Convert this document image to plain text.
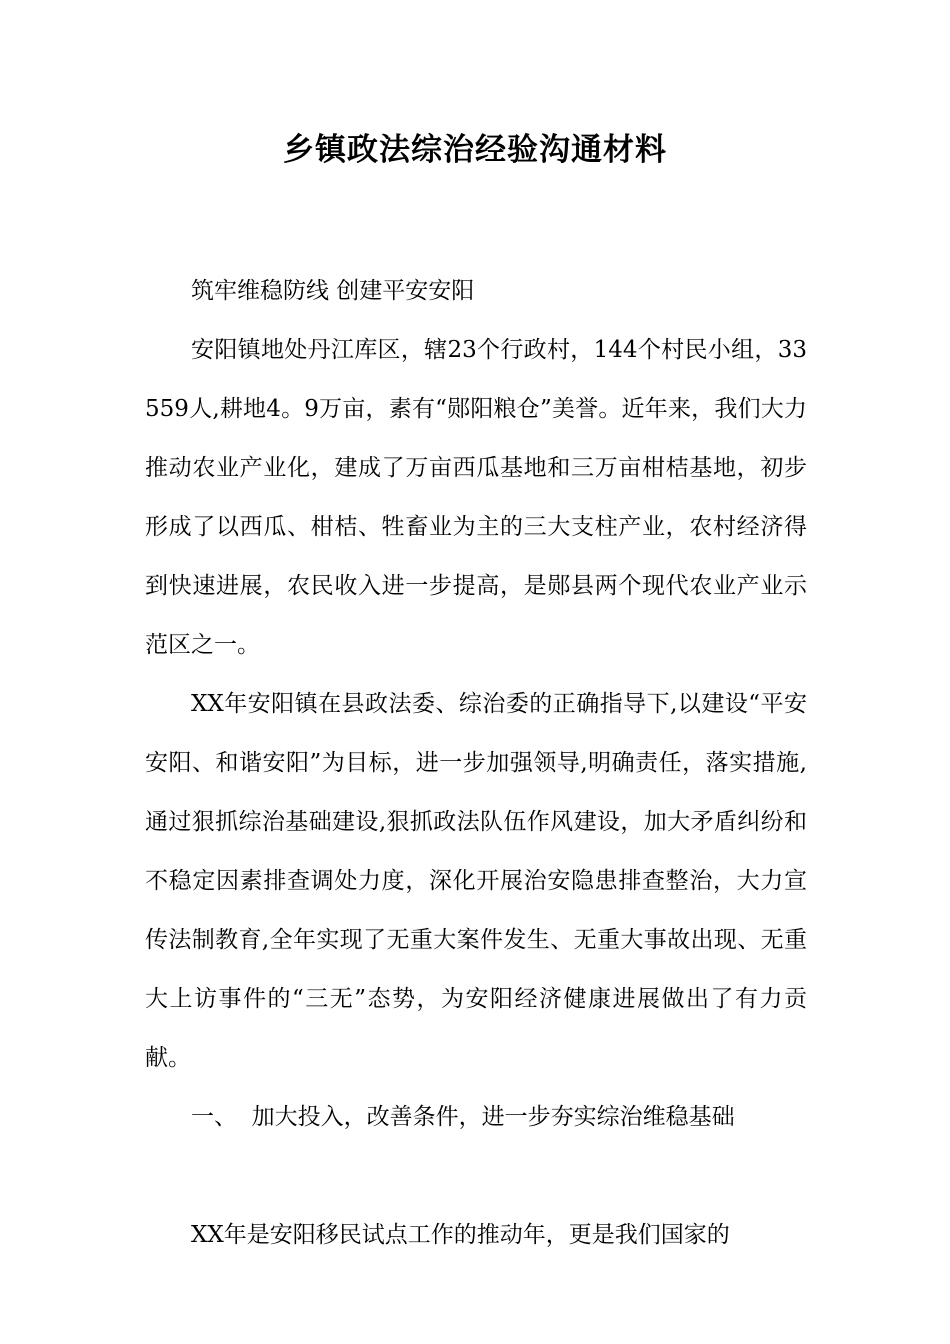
乡镇政法综治经验沟通材料

筑牢维稳防线 创建平安安阳

安阳镇地处丹江库区，辖23个行政村，144个村民小组，33559人,耕地4。9万亩，素有“郧阳粮仓”美誉。近年来，我们大力推动农业产业化，建成了万亩西瓜基地和三万亩柑桔基地，初步形成了以西瓜、柑桔、牲畜业为主的三大支柱产业，农村经济得到快速进展，农民收入进一步提高，是郧县两个现代农业产业示范区之一。

XX年安阳镇在县政法委、综治委的正确指导下,以建设“平安安阳、和谐安阳”为目标，进一步加强领导,明确责任，落实措施,通过狠抓综治基础建设,狠抓政法队伍作风建设，加大矛盾纠纷和不稳定因素排查调处力度，深化开展治安隐患排查整治，大力宣传法制教育,全年实现了无重大案件发生、无重大事故出现、无重大上访事件的“三无”态势，为安阳经济健康进展做出了有力贡献。

一、  加大投入，改善条件，进一步夯实综治维稳基础

XX年是安阳移民试点工作的推动年，更是我们国家的
